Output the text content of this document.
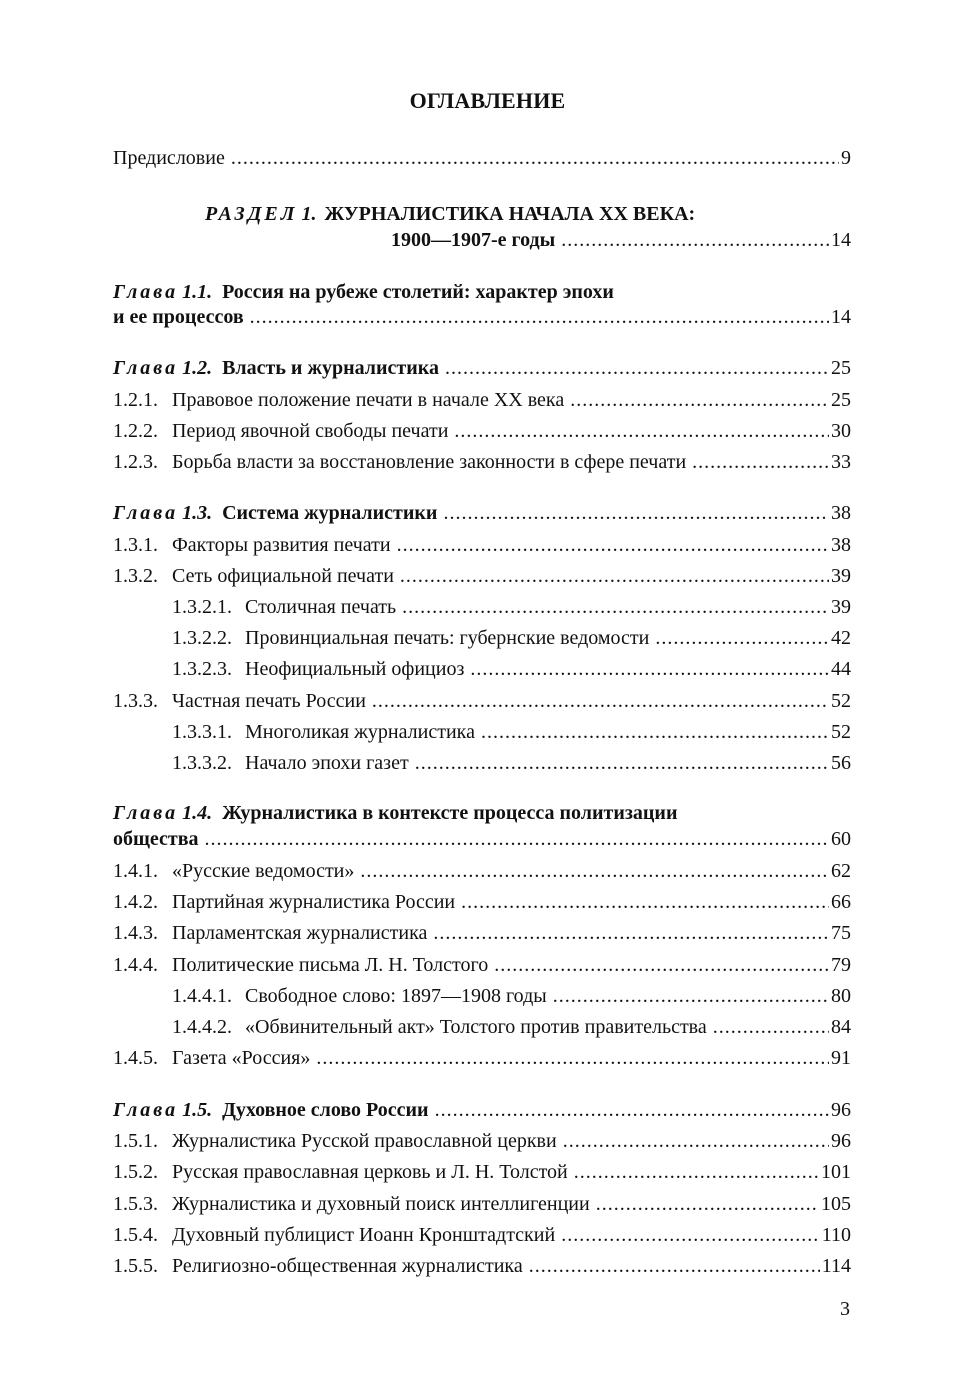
ОГЛАВЛЕНИЕ
Предисловие .....	9
РАЗДЕЛ 1. ЖУРНАЛИСТИКА НАЧАЛА ХХ ВЕКА:
1900—1907-е годы .....	14
Глава 1.1. Россия на рубеже столетий: характер эпохи
и ее процессов .....	14
Глава 1.2. Власть и журналистика .....	25
1.2.1. Правовое положение печати в начале ХХ века .....	25
1.2.2. Период явочной свободы печати .....	30
1.2.3. Борьба власти за восстановление законности в сфере печати .....	33
Глава 1.3. Система журналистики .....	38
1.3.1. Факторы развития печати .....	38
1.3.2. Сеть официальной печати .....	39
1.3.2.1. Столичная печать .....	39
1.3.2.2. Провинциальная печать: губернские ведомости .....	42
1.3.2.3. Неофициальный официоз .....	44
1.3.3. Частная печать России .....	52
1.3.3.1. Многоликая журналистика .....	52
1.3.3.2. Начало эпохи газет .....	56
Глава 1.4. Журналистика в контексте процесса политизации
общества .....	60
1.4.1. «Русские ведомости» .....	62
1.4.2. Партийная журналистика России .....	66
1.4.3. Парламентская журналистика .....	75
1.4.4. Политические письма Л. Н. Толстого .....	79
1.4.4.1. Свободное слово: 1897—1908 годы .....	80
1.4.4.2. «Обвинительный акт» Толстого против правительства .....	84
1.4.5. Газета «Россия» .....	91
Глава 1.5. Духовное слово России .....	96
1.5.1. Журналистика Русской православной церкви .....	96
1.5.2. Русская православная церковь и Л. Н. Толстой .....	101
1.5.3. Журналистика и духовный поиск интеллигенции .....	105
1.5.4. Духовный публицист Иоанн Кронштадтский .....	110
1.5.5. Религиозно-общественная журналистика .....	114
3
